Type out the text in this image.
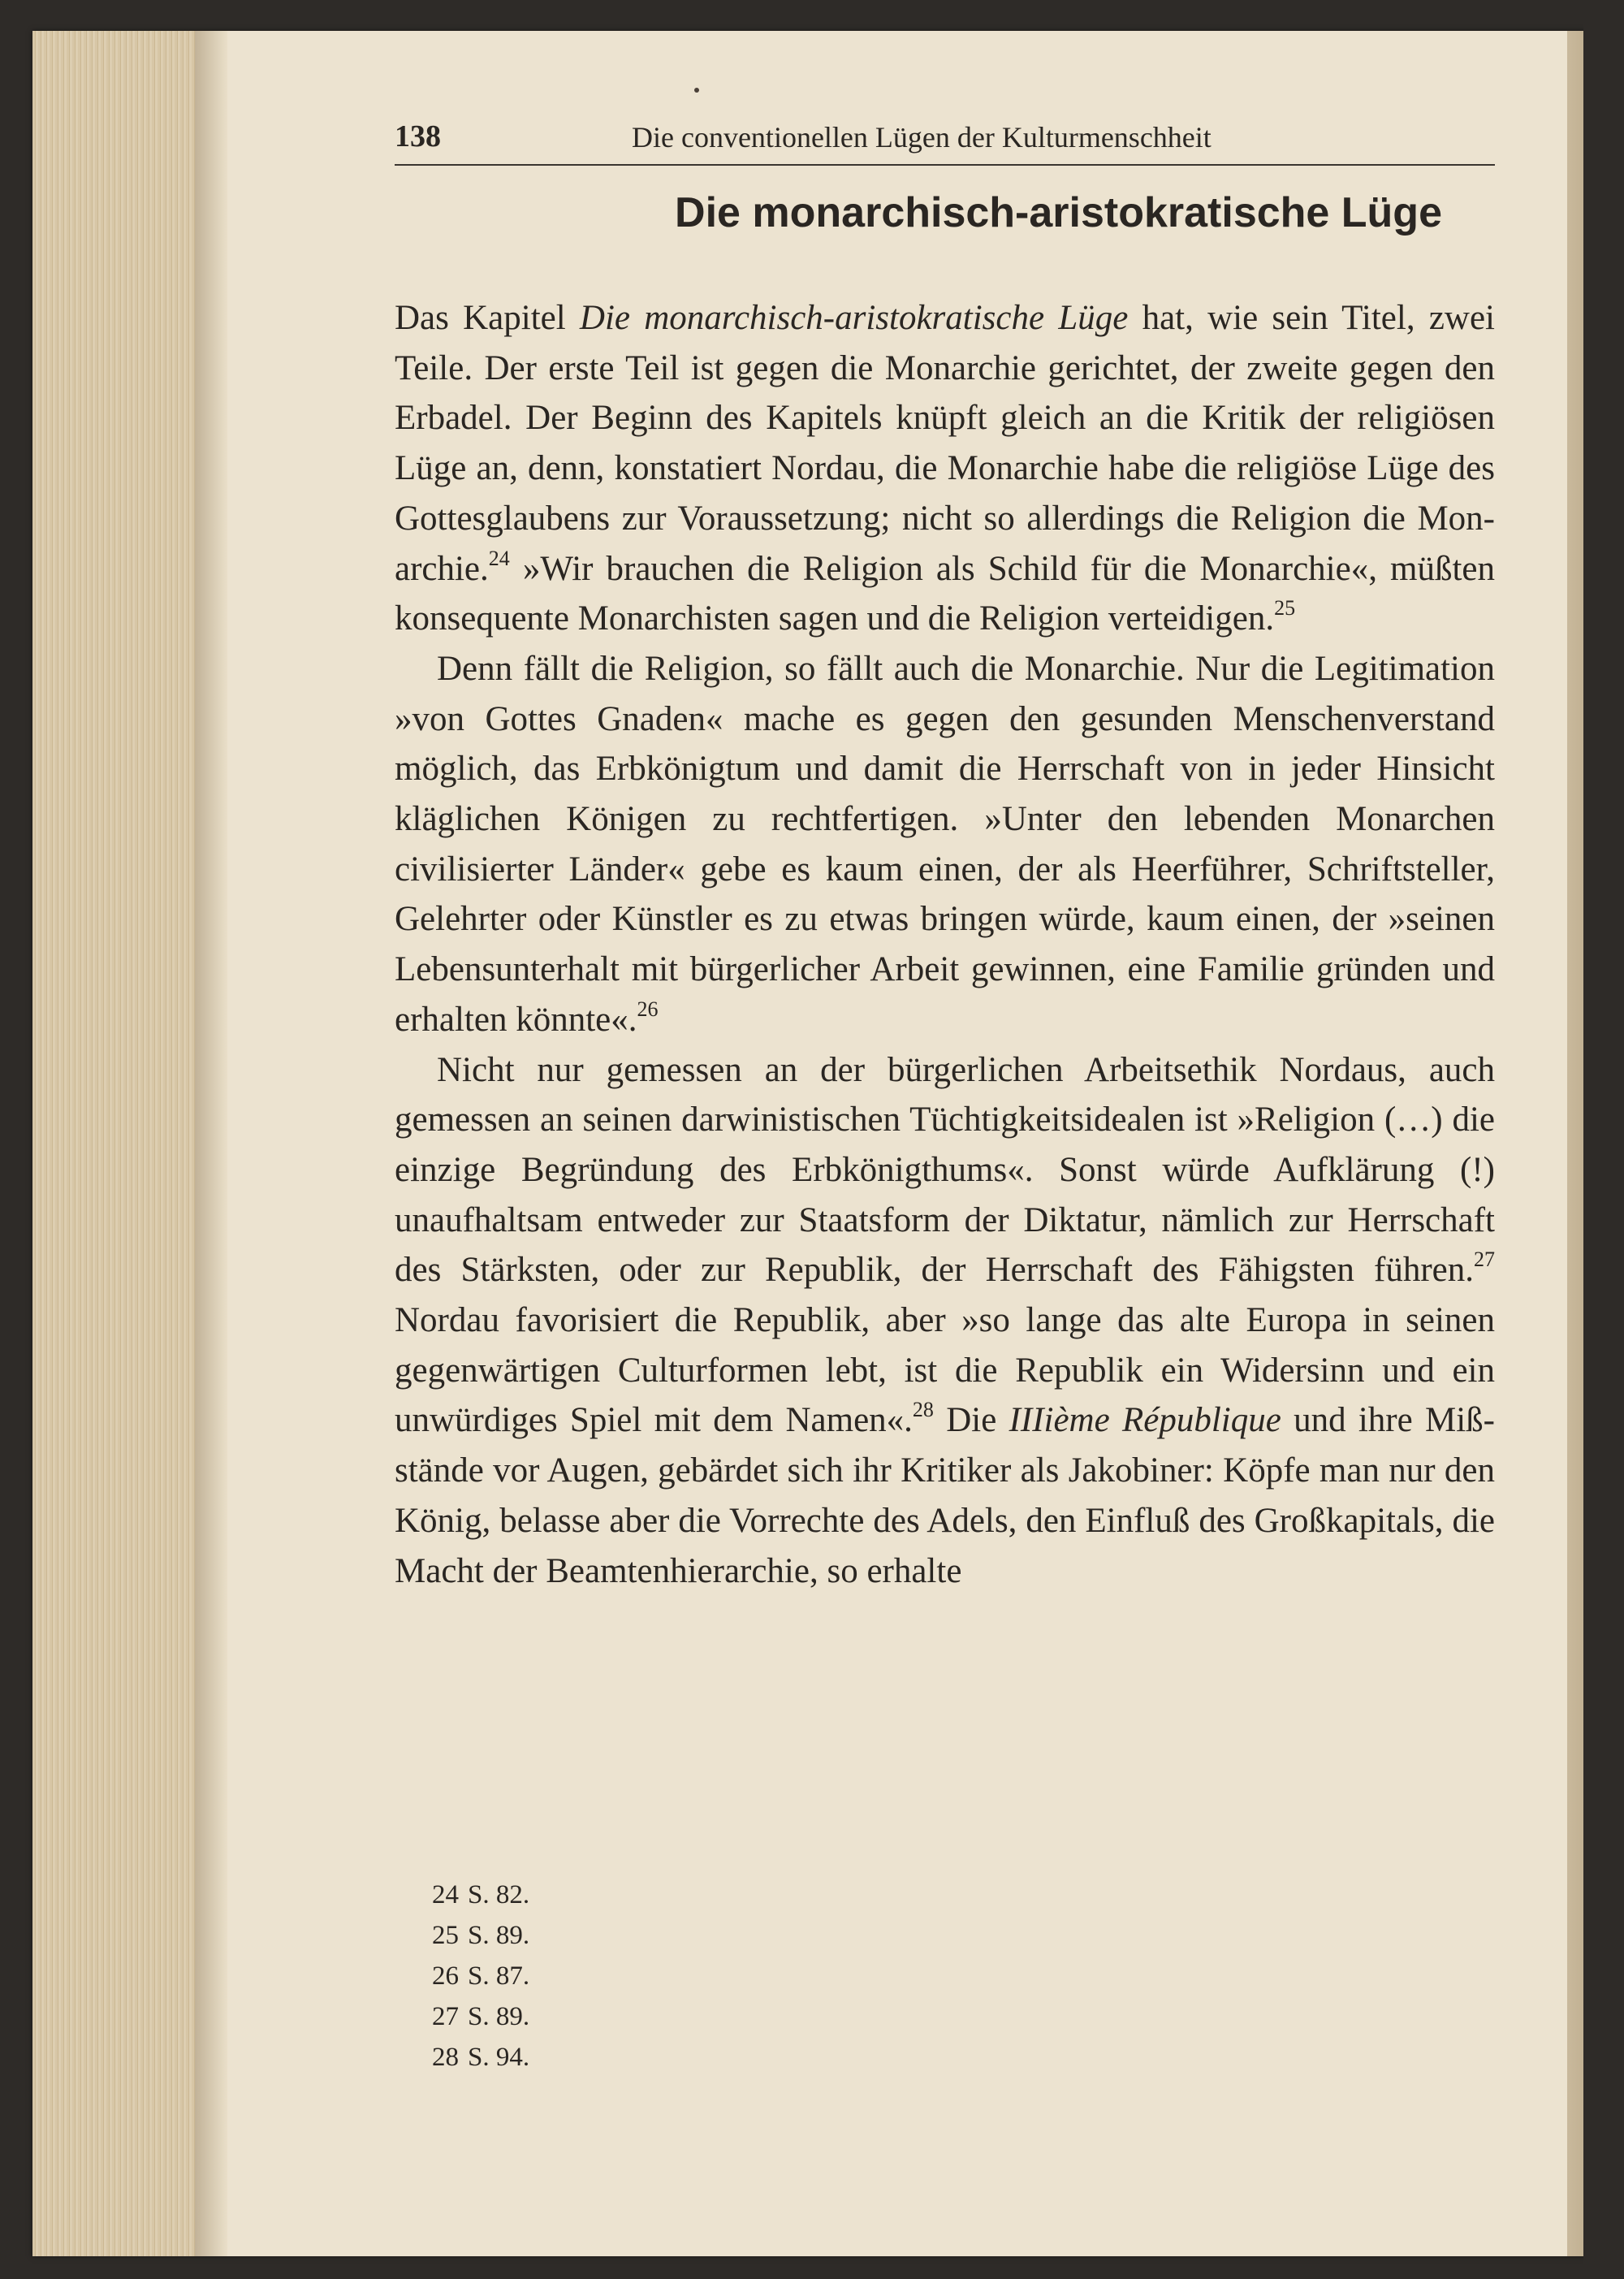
138	Die conventionellen Lügen der Kulturmenschheit
Die monarchisch-aristokratische Lüge

Das Kapitel Die monarchisch-aristokratische Lüge hat, wie sein Titel, zwei Teile. Der erste Teil ist gegen die Monarchie gerichtet, der zweite gegen den Erbadel. Der Beginn des Kapitels knüpft gleich an die Kritik der religiösen Lüge an, denn, konstatiert Nordau, die Monarchie habe die religiöse Lüge des Gottesglaubens zur Voraussetzung; nicht so allerdings die Religion die Monarchie.$^{24}$ »Wir brauchen die Religion als Schild für die Monarchie«, müßten konsequente Monarchisten sagen und die Religion verteidigen.$^{25}$

Denn fällt die Religion, so fällt auch die Monarchie. Nur die Legitimation »von Gottes Gnaden« mache es gegen den gesunden Menschenverstand möglich, das Erbkönigtum und damit die Herrschaft von in jeder Hinsicht kläglichen Königen zu rechtfertigen. »Unter den lebenden Monarchen civilisierter Länder« gebe es kaum einen, der als Heerführer, Schriftsteller, Gelehrter oder Künstler es zu etwas bringen würde, kaum einen, der »seinen Lebensunterhalt mit bürgerlicher Arbeit gewinnen, eine Familie gründen und erhalten könnte«.$^{26}$

Nicht nur gemessen an der bürgerlichen Arbeitsethik Nordaus, auch gemessen an seinen darwinistischen Tüchtigkeitsidealen ist »Religion (…) die einzige Begründung des Erbkönigthums«. Sonst würde Aufklärung (!) unaufhaltsam entweder zur Staatsform der Diktatur, nämlich zur Herrschaft des Stärksten, oder zur Republik, der Herrschaft des Fähigsten führen.$^{27}$ Nordau favorisiert die Republik, aber »so lange das alte Europa in seinen gegenwärtigen Culturformen lebt, ist die Republik ein Widersinn und ein unwürdiges Spiel mit dem Namen«.$^{28}$ Die IIIième République und ihre Mißstände vor Augen, gebärdet sich ihr Kritiker als Jakobiner: Köpfe man nur den König, belasse aber die Vorrechte des Adels, den Einfluß des Großkapitals, die Macht der Beamtenhierarchie, so erhalte

24 S. 82.
25 S. 89.
26 S. 87.
27 S. 89.
28 S. 94.
